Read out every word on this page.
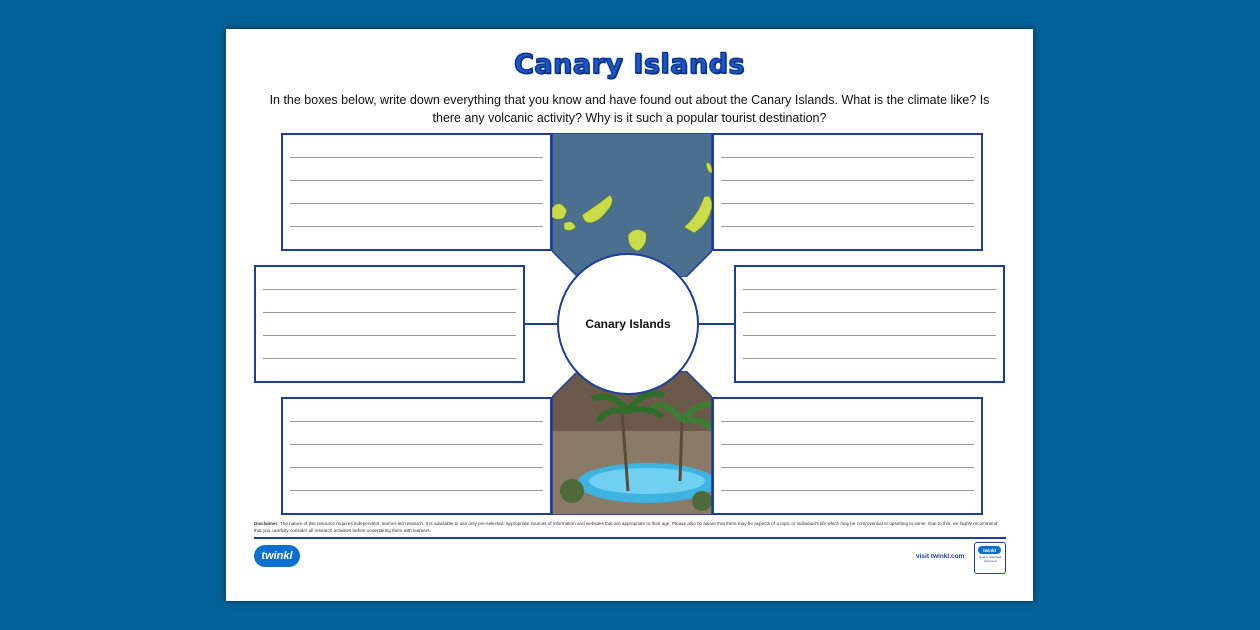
Canary Islands
In the boxes below, write down everything that you know and have found out about the Canary Islands. What is the climate like? Is there any volcanic activity? Why is it such a popular tourist destination?
Canary Islands
Disclaimer: The nature of this resource requires independent, learner-led research. It is advisable to use only pre-selected, appropriate sources of information and websites that are appropriate to their age. Please also be aware that there may be aspects of a topic or individual's life which may be controversial or upsetting to some. Due to this, we highly recommend that you carefully consider all research activities before undertaking them with learners.
twinkl	visit twinkl.com
twinkl
Quality Standard Approved
